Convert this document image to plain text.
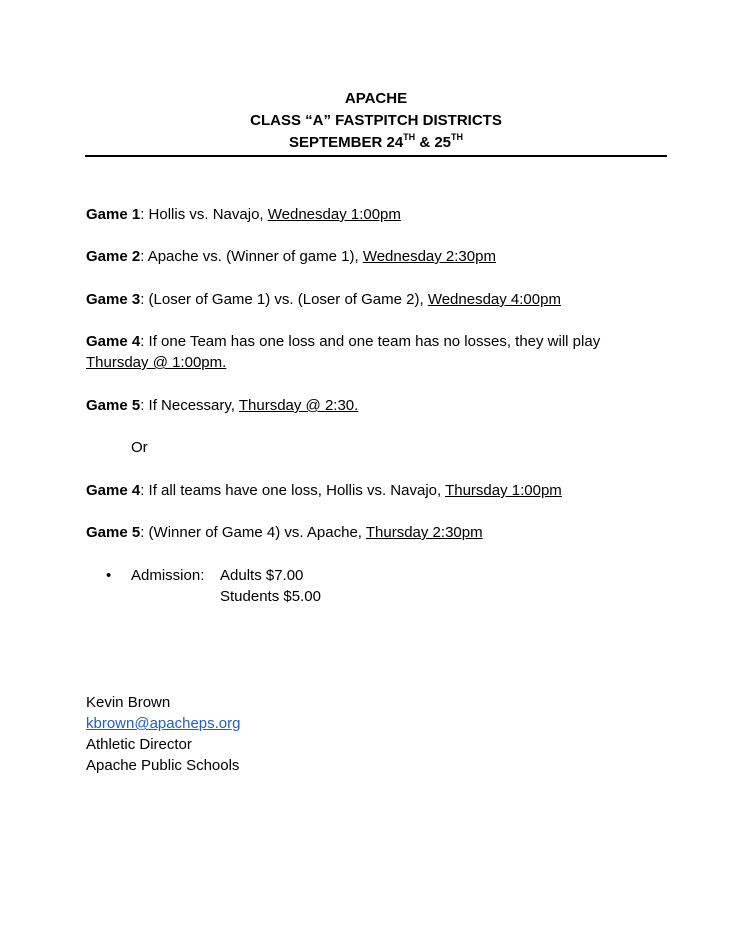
APACHE
CLASS “A” FASTPITCH DISTRICTS
SEPTEMBER 24TH & 25TH
Game 1: Hollis vs. Navajo, Wednesday 1:00pm
Game 2: Apache vs. (Winner of game 1), Wednesday 2:30pm
Game 3: (Loser of Game 1) vs. (Loser of Game 2), Wednesday 4:00pm
Game 4: If one Team has one loss and one team has no losses, they will play
Thursday @ 1:00pm.
Game 5: If Necessary, Thursday @ 2:30.
Or
Game 4: If all teams have one loss, Hollis vs. Navajo, Thursday 1:00pm
Game 5: (Winner of Game 4) vs. Apache, Thursday 2:30pm
• Admission: Adults $7.00
Students $5.00
Kevin Brown
kbrown@apacheps.org
Athletic Director
Apache Public Schools
